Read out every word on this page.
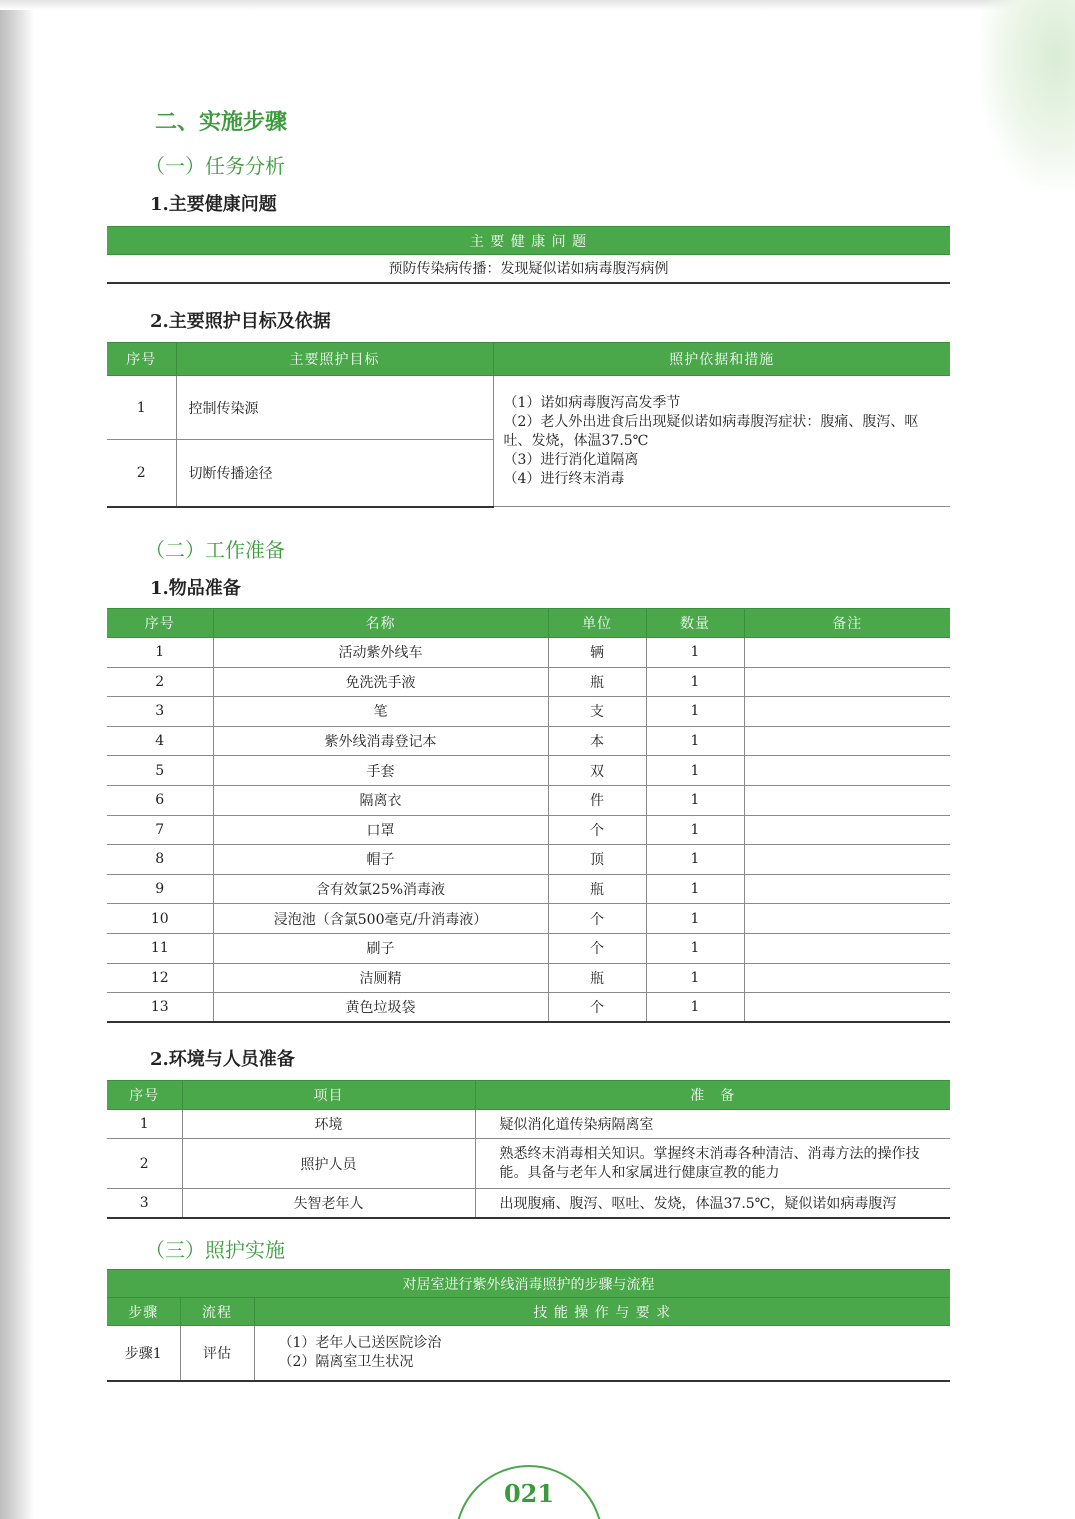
二、实施步骤
（一）任务分析
1.主要健康问题
主 要 健 康 问 题
预防传染病传播：发现疑似诺如病毒腹泻病例
2.主要照护目标及依据
序号	主要照护目标	照护依据和措施
1	控制传染源	（1）诺如病毒腹泻高发季节
（2）老人外出进食后出现疑似诺如病毒腹泻症状：腹痛、腹泻、呕吐、发烧，体温37.5℃
（3）进行消化道隔离
（4）进行终末消毒

2	切断传播途径	
（二）工作准备
1.物品准备
序号	名称	单位	数量	备注
1	活动紫外线车	辆	1	
2	免洗洗手液	瓶	1	
3	笔	支	1	
4	紫外线消毒登记本	本	1	
5	手套	双	1	
6	隔离衣	件	1	
7	口罩	个	1	
8	帽子	顶	1	
9	含有效氯25%消毒液	瓶	1	
10	浸泡池（含氯500毫克/升消毒液）	个	1	
11	刷子	个	1	
12	洁厕精	瓶	1	
13	黄色垃圾袋	个	1	
2.环境与人员准备
序号	项目	准　备
1	环境	疑似消化道传染病隔离室
2	照护人员	熟悉终末消毒相关知识。掌握终末消毒各种清洁、消毒方法的操作技能。具备与老年人和家属进行健康宣教的能力
3	失智老年人	出现腹痛、腹泻、呕吐、发烧，体温37.5℃，疑似诺如病毒腹泻
（三）照护实施
对居室进行紫外线消毒照护的步骤与流程		
步骤	流程	技 能 操 作 与 要 求
步骤1	评估	（1）老年人已送医院诊治
（2）隔离室卫生状况
021
